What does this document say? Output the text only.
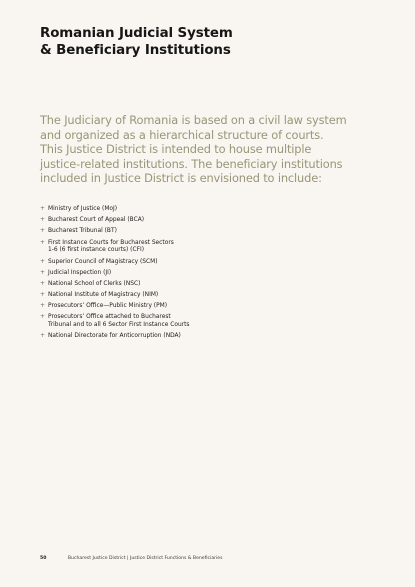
Romanian Judicial System
& Beneficiary Institutions

The Judiciary of Romania is based on a civil law system
and organized as a hierarchical structure of courts.
This Justice District is intended to house multiple
justice-related institutions. The beneficiary institutions
included in Justice District is envisioned to include:

+ Ministry of Justice (MoJ)
+ Bucharest Court of Appeal (BCA)
+ Bucharest Tribunal (BT)
+ First Instance Courts for Bucharest Sectors
1-6 (6 first instance courts) (CFI)
+ Superior Council of Magistracy (SCM)
+ Judicial Inspection (JI)
+ National School of Clerks (NSC)
+ National Institute of Magistracy (NIM)
+ Prosecutors’ Office—Public Ministry (PM)
+ Prosecutors’ Office attached to Bucharest
Tribunal and to all 6 Sector First Instance Courts
+ National Directorate for Anticorruption (NDA)
50	Bucharest Justice District | Justice District Functions & Beneficiaries
